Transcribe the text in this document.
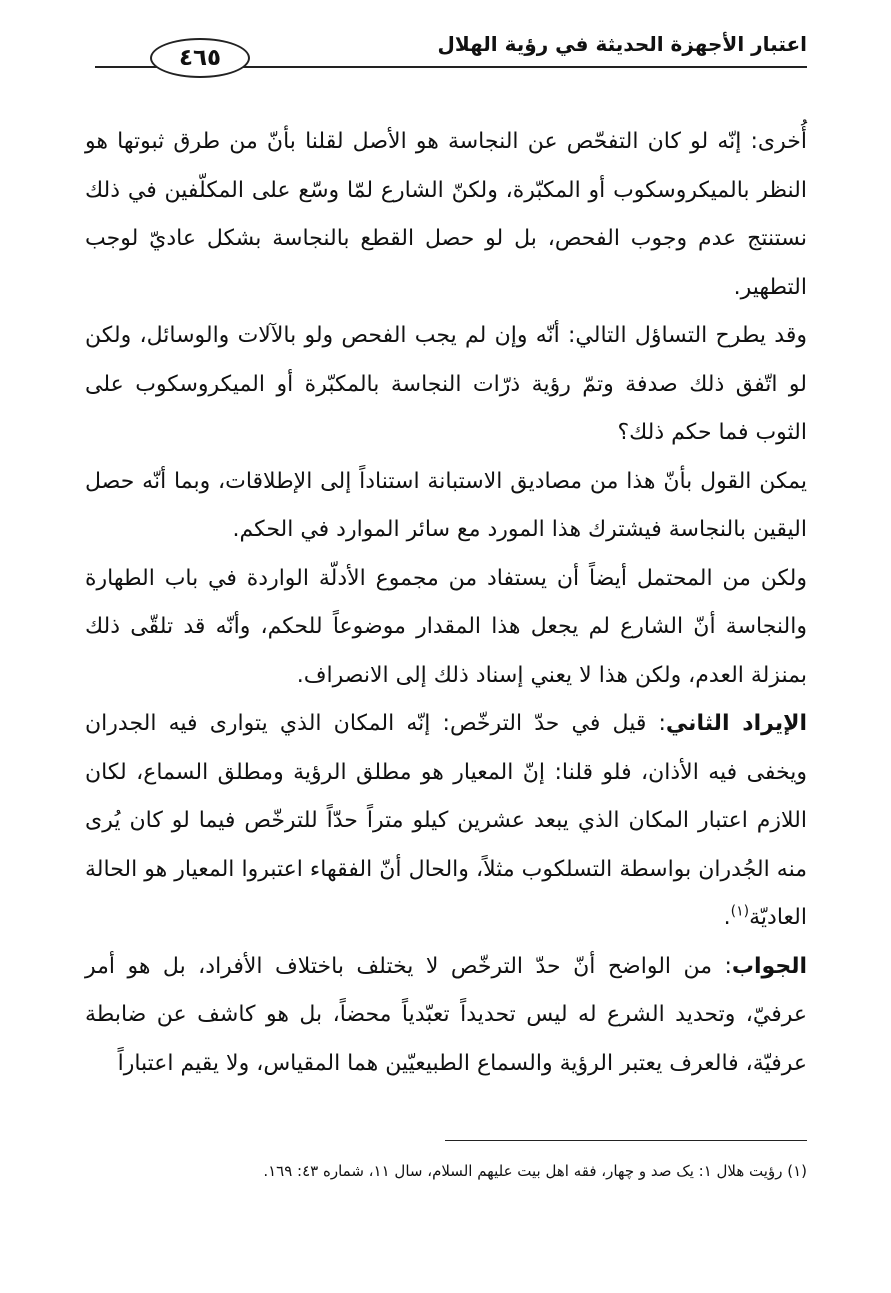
اعتبار الأجهزة الحديثة في رؤية الهلال
٤٦٥

أُخرى: إنّه لو كان التفحّص عن النجاسة هو الأصل لقلنا بأنّ من طرق ثبوتها هو النظر بالميكروسكوب أو المكبّرة، ولكنّ الشارع لمّا وسّع على المكلّفين في ذلك نستنتج عدم وجوب الفحص، بل لو حصل القطع بالنجاسة بشكل عاديّ لوجب التطهير.

وقد يطرح التساؤل التالي: أنّه وإن لم يجب الفحص ولو بالآلات والوسائل، ولكن لو اتّفق ذلك صدفة وتمّ رؤية ذرّات النجاسة بالمكبّرة أو الميكروسكوب على الثوب فما حكم ذلك؟

يمكن القول بأنّ هذا من مصاديق الاستبانة استناداً إلى الإطلاقات، وبما أنّه حصل اليقين بالنجاسة فيشترك هذا المورد مع سائر الموارد في الحكم.

ولكن من المحتمل أيضاً أن يستفاد من مجموع الأدلّة الواردة في باب الطهارة والنجاسة أنّ الشارع لم يجعل هذا المقدار موضوعاً للحكم، وأنّه قد تلقّى ذلك بمنزلة العدم، ولكن هذا لا يعني إسناد ذلك إلى الانصراف.

الإيراد الثاني: قيل في حدّ الترخّص: إنّه المكان الذي يتوارى فيه الجدران ويخفى فيه الأذان، فلو قلنا: إنّ المعيار هو مطلق الرؤية ومطلق السماع، لكان اللازم اعتبار المكان الذي يبعد عشرين كيلو متراً حدّاً للترخّص فيما لو كان يُرى منه الجُدران بواسطة التسلكوب مثلاً، والحال أنّ الفقهاء اعتبروا المعيار هو الحالة العاديّة$^{(١)}$.

الجواب: من الواضح أنّ حدّ الترخّص لا يختلف باختلاف الأفراد، بل هو أمر عرفيّ، وتحديد الشرع له ليس تحديداً تعبّدياً محضاً، بل هو كاشف عن ضابطة عرفيّة، فالعرف يعتبر الرؤية والسماع الطبيعيّين هما المقياس، ولا يقيم اعتباراً

(١) رؤيت هلال ١: يک صد و چهار، فقه اهل بيت عليهم السلام، سال ١١، شماره ٤٣: ١٦٩.
